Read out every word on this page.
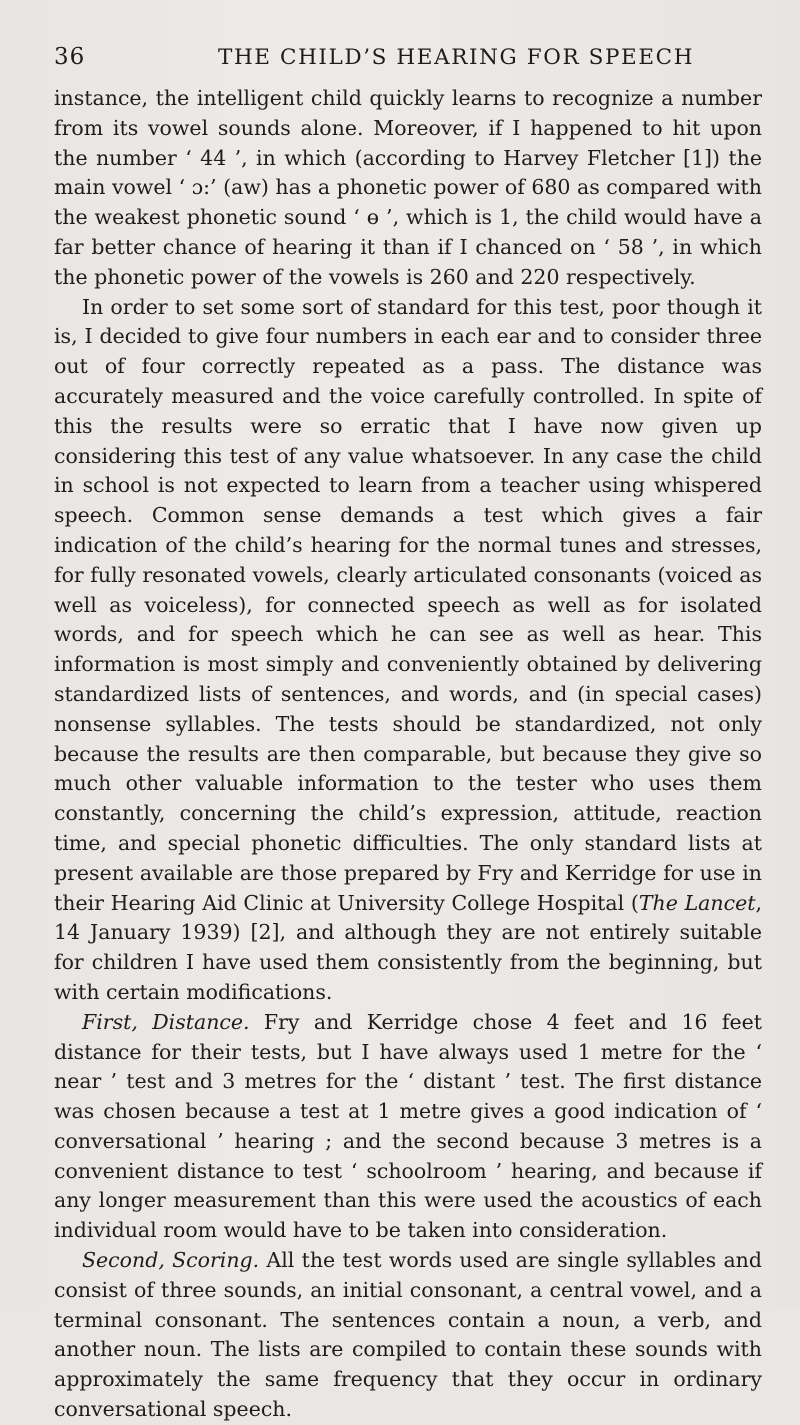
36	THE CHILD’S HEARING FOR SPEECH

instance, the intelligent child quickly learns to recognize a number from its vowel sounds alone. Moreover, if I happened to hit upon the number ‘ 44 ’, in which (according to Harvey Fletcher [1]) the main vowel ‘ ɔ:’ (aw) has a phonetic power of 680 as compared with the weakest phonetic sound ‘ ɵ ’, which is 1, the child would have a far better chance of hearing it than if I chanced on ‘ 58 ’, in which the phonetic power of the vowels is 260 and 220 respectively.

In order to set some sort of standard for this test, poor though it is, I decided to give four numbers in each ear and to consider three out of four correctly repeated as a pass. The distance was accurately measured and the voice carefully controlled. In spite of this the results were so erratic that I have now given up considering this test of any value whatsoever. In any case the child in school is not expected to learn from a teacher using whispered speech. Common sense demands a test which gives a fair indication of the child’s hearing for the normal tunes and stresses, for fully resonated vowels, clearly articulated consonants (voiced as well as voiceless), for connected speech as well as for isolated words, and for speech which he can see as well as hear. This information is most simply and conveniently obtained by delivering standardized lists of sentences, and words, and (in special cases) nonsense syllables. The tests should be standardized, not only because the results are then comparable, but because they give so much other valuable information to the tester who uses them constantly, concerning the child’s expression, attitude, reaction time, and special phonetic difficulties. The only standard lists at present available are those prepared by Fry and Kerridge for use in their Hearing Aid Clinic at University College Hospital (The Lancet, 14 January 1939) [2], and although they are not entirely suitable for children I have used them consistently from the beginning, but with certain modifications.

First, Distance. Fry and Kerridge chose 4 feet and 16 feet distance for their tests, but I have always used 1 metre for the ‘ near ’ test and 3 metres for the ‘ distant ’ test. The first distance was chosen because a test at 1 metre gives a good indication of ‘ conversational ’ hearing ; and the second because 3 metres is a convenient distance to test ‘ schoolroom ’ hearing, and because if any longer measurement than this were used the acoustics of each individual room would have to be taken into consideration.

Second, Scoring. All the test words used are single syllables and consist of three sounds, an initial consonant, a central vowel, and a terminal consonant. The sentences contain a noun, a verb, and another noun. The lists are compiled to contain these sounds with approximately the same frequency that they occur in ordinary conversational speech.
